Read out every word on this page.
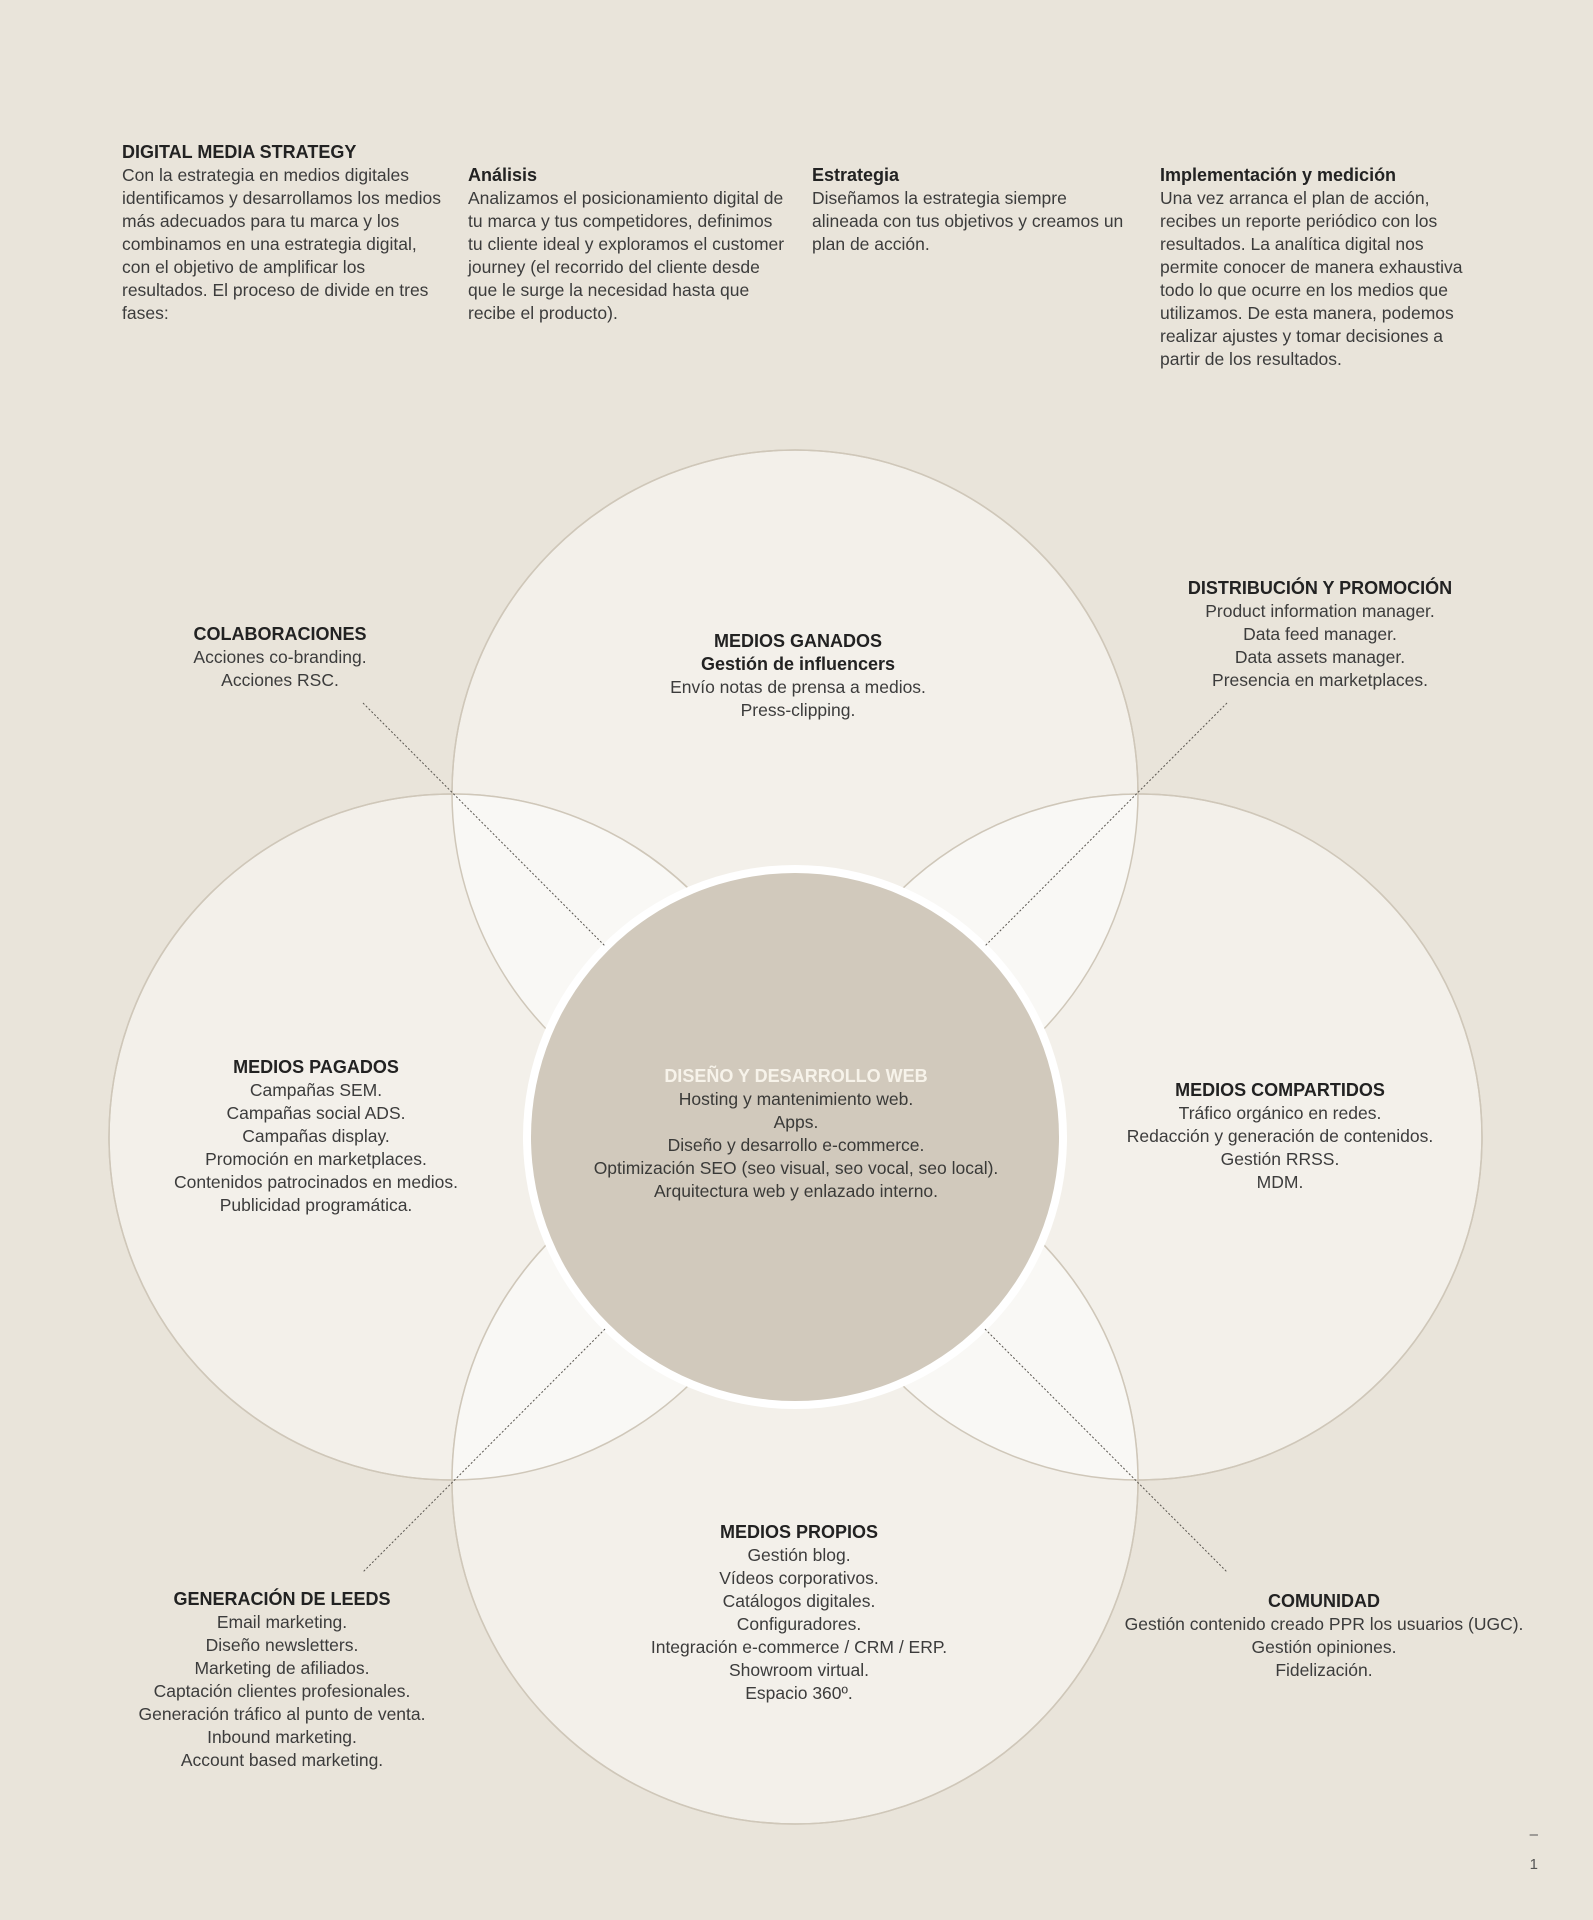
DIGITAL MEDIA STRATEGY

Con la estrategia en medios digitales identificamos y desarrollamos los medios más adecuados para tu marca y los combinamos en una estrategia digital, con el objetivo de amplificar los resultados. El proceso de divide en tres fases:

Análisis

Analizamos el posicionamiento digital de tu marca y tus competidores, definimos tu cliente ideal y exploramos el customer journey (el recorrido del cliente desde que le surge la necesidad hasta que recibe el producto).

Estrategia

Diseñamos la estrategia siempre alineada con tus objetivos y creamos un plan de acción.

Implementación y medición

Una vez arranca el plan de acción, recibes un reporte periódico con los resultados. La analítica digital nos permite conocer de manera exhaustiva todo lo que ocurre en los medios que utilizamos. De esta manera, podemos realizar ajustes y tomar decisiones a partir de los resultados.

DISEÑO Y DESARROLLO WEB
Hosting y mantenimiento web.
Apps.
Diseño y desarrollo e-commerce.
Optimización SEO (seo visual, seo vocal, seo local).
Arquitectura web y enlazado interno.
MEDIOS GANADOS
Gestión de influencers
Envío notas de prensa a medios.
Press-clipping.
MEDIOS PAGADOS
Campañas SEM.
Campañas social ADS.
Campañas display.
Promoción en marketplaces.
Contenidos patrocinados en medios.
Publicidad programática.
MEDIOS COMPARTIDOS
Tráfico orgánico en redes.
Redacción y generación de contenidos.
Gestión RRSS.
MDM.
MEDIOS PROPIOS
Gestión blog.
Vídeos corporativos.
Catálogos digitales.
Configuradores.
Integración e-commerce / CRM / ERP.
Showroom virtual.
Espacio 360º.
COLABORACIONES
Acciones co-branding.
Acciones RSC.
DISTRIBUCIÓN Y PROMOCIÓN
Product information manager.
Data feed manager.
Data assets manager.
Presencia en marketplaces.
GENERACIÓN DE LEEDS
Email marketing.
Diseño newsletters.
Marketing de afiliados.
Captación clientes profesionales.
Generación tráfico al punto de venta.
Inbound marketing.
Account based marketing.
COMUNIDAD
Gestión contenido creado PPR los usuarios (UGC).
Gestión opiniones.
Fidelización.
–
1
